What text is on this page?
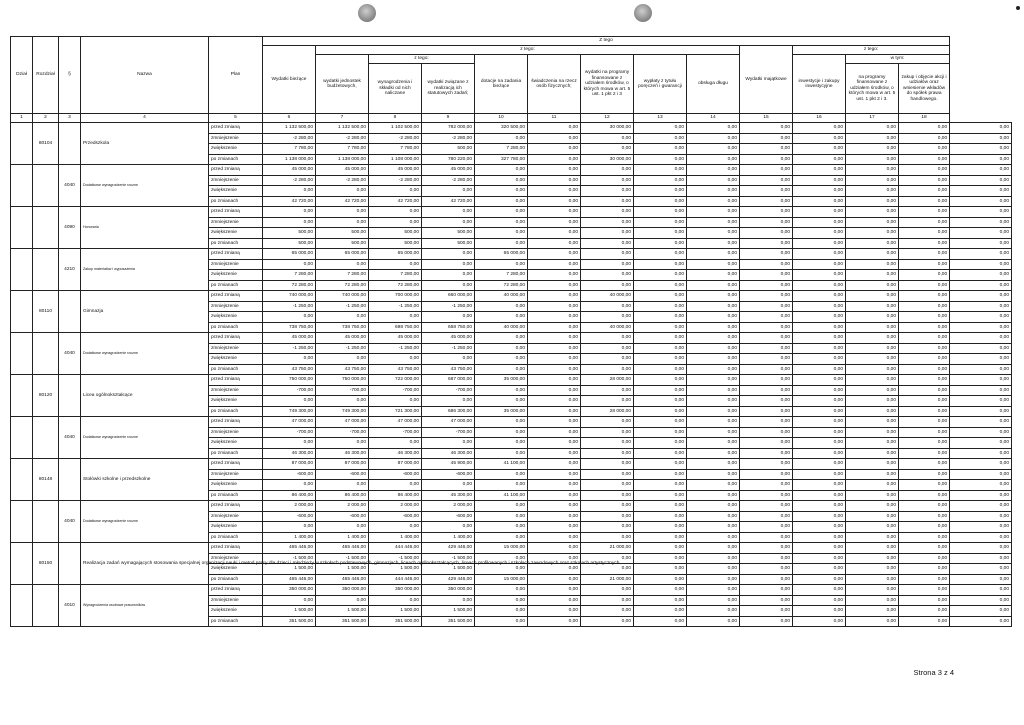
Dział	Rozdział	§	Nazwa	Plan	Z tego													
					Wydatki bieżące	z tego:								Wydatki majątkowe	z tego:			
						wydatki jednostek budżetowych,	z tego:		dotacje na zadania bieżące	świadczenia na rzecz osób fizycznych;	wydatki na programy finansowane z udziałem środków, o których mowa w art. 5 ust. 1 pkt 2 i 3	wypłaty z tytułu poręczeń i gwarancji	obsługa długu		inwestycje i zakupy inwestycyjne	w tym:		
							wynagrodzenia i składki od nich naliczane	wydatki związane z realizacją ich statutowych zadań;								na programy finansowane z udziałem środków, o których mowa w art. 5 ust. 1 pkt 2 i 3.	zakup i objęcie akcji i udziałów oraz wniesienie wkładów do spółek prawa handlowego.	

1	2	3	4	5	6	7	8	9	10	11	12	13	14	15	16	17	18	
	80104		Przedszkola	przed zmianą	1 132 500,00	1 132 500,00	1 102 500,00	782 000,00	320 500,00	0,00	30 000,00	0,00	0,00	0,00	0,00	0,00	0,00	0,00
				zmniejszenie	-2 280,00	-2 280,00	-2 280,00	-2 280,00	0,00	0,00	0,00	0,00	0,00	0,00	0,00	0,00	0,00	0,00
				zwiększenie	7 780,00	7 780,00	7 780,00	500,00	7 280,00	0,00	0,00	0,00	0,00	0,00	0,00	0,00	0,00	0,00
				po zmianach	1 138 000,00	1 138 000,00	1 108 000,00	780 220,00	327 780,00	0,00	30 000,00	0,00	0,00	0,00	0,00	0,00	0,00	0,00
		4040	Dodatkowe wynagrodzenie roczne	przed zmianą	45 000,00	45 000,00	45 000,00	45 000,00	0,00	0,00	0,00	0,00	0,00	0,00	0,00	0,00	0,00	0,00
				zmniejszenie	-2 280,00	-2 280,00	-2 280,00	-2 280,00	0,00	0,00	0,00	0,00	0,00	0,00	0,00	0,00	0,00	0,00
				zwiększenie	0,00	0,00	0,00	0,00	0,00	0,00	0,00	0,00	0,00	0,00	0,00	0,00	0,00	0,00
				po zmianach	42 720,00	42 720,00	42 720,00	42 720,00	0,00	0,00	0,00	0,00	0,00	0,00	0,00	0,00	0,00	0,00
		4090	Honoraria	przed zmianą	0,00	0,00	0,00	0,00	0,00	0,00	0,00	0,00	0,00	0,00	0,00	0,00	0,00	0,00
				zmniejszenie	0,00	0,00	0,00	0,00	0,00	0,00	0,00	0,00	0,00	0,00	0,00	0,00	0,00	0,00
				zwiększenie	500,00	500,00	500,00	500,00	0,00	0,00	0,00	0,00	0,00	0,00	0,00	0,00	0,00	0,00
				po zmianach	500,00	500,00	500,00	500,00	0,00	0,00	0,00	0,00	0,00	0,00	0,00	0,00	0,00	0,00
		4210	Zakup materiałów i wyposażenia	przed zmianą	65 000,00	65 000,00	65 000,00	0,00	65 000,00	0,00	0,00	0,00	0,00	0,00	0,00	0,00	0,00	0,00
				zmniejszenie	0,00	0,00	0,00	0,00	0,00	0,00	0,00	0,00	0,00	0,00	0,00	0,00	0,00	0,00
				zwiększenie	7 280,00	7 280,00	7 280,00	0,00	7 280,00	0,00	0,00	0,00	0,00	0,00	0,00	0,00	0,00	0,00
				po zmianach	72 280,00	72 280,00	72 280,00	0,00	72 280,00	0,00	0,00	0,00	0,00	0,00	0,00	0,00	0,00	0,00
	80110		Gimnazja	przed zmianą	740 000,00	740 000,00	700 000,00	660 000,00	40 000,00	0,00	40 000,00	0,00	0,00	0,00	0,00	0,00	0,00	0,00
				zmniejszenie	-1 250,00	-1 250,00	-1 250,00	-1 250,00	0,00	0,00	0,00	0,00	0,00	0,00	0,00	0,00	0,00	0,00
				zwiększenie	0,00	0,00	0,00	0,00	0,00	0,00	0,00	0,00	0,00	0,00	0,00	0,00	0,00	0,00
				po zmianach	738 750,00	738 750,00	698 750,00	658 750,00	40 000,00	0,00	40 000,00	0,00	0,00	0,00	0,00	0,00	0,00	0,00
		4040	Dodatkowe wynagrodzenie roczne	przed zmianą	45 000,00	45 000,00	45 000,00	45 000,00	0,00	0,00	0,00	0,00	0,00	0,00	0,00	0,00	0,00	0,00
				zmniejszenie	-1 250,00	-1 250,00	-1 250,00	-1 250,00	0,00	0,00	0,00	0,00	0,00	0,00	0,00	0,00	0,00	0,00
				zwiększenie	0,00	0,00	0,00	0,00	0,00	0,00	0,00	0,00	0,00	0,00	0,00	0,00	0,00	0,00
				po zmianach	43 750,00	43 750,00	43 750,00	43 750,00	0,00	0,00	0,00	0,00	0,00	0,00	0,00	0,00	0,00	0,00
	80120		Licea ogólnokształcące	przed zmianą	750 000,00	750 000,00	722 000,00	687 000,00	35 000,00	0,00	28 000,00	0,00	0,00	0,00	0,00	0,00	0,00	0,00
				zmniejszenie	-700,00	-700,00	-700,00	-700,00	0,00	0,00	0,00	0,00	0,00	0,00	0,00	0,00	0,00	0,00
				zwiększenie	0,00	0,00	0,00	0,00	0,00	0,00	0,00	0,00	0,00	0,00	0,00	0,00	0,00	0,00
				po zmianach	749 300,00	749 300,00	721 300,00	686 300,00	35 000,00	0,00	28 000,00	0,00	0,00	0,00	0,00	0,00	0,00	0,00
		4040	Dodatkowe wynagrodzenie roczne	przed zmianą	47 000,00	47 000,00	47 000,00	47 000,00	0,00	0,00	0,00	0,00	0,00	0,00	0,00	0,00	0,00	0,00
				zmniejszenie	-700,00	-700,00	-700,00	-700,00	0,00	0,00	0,00	0,00	0,00	0,00	0,00	0,00	0,00	0,00
				zwiększenie	0,00	0,00	0,00	0,00	0,00	0,00	0,00	0,00	0,00	0,00	0,00	0,00	0,00	0,00
				po zmianach	46 300,00	46 300,00	46 300,00	46 300,00	0,00	0,00	0,00	0,00	0,00	0,00	0,00	0,00	0,00	0,00
	80148		Stołówki szkolne i przedszkolne	przed zmianą	87 000,00	87 000,00	87 000,00	45 900,00	41 100,00	0,00	0,00	0,00	0,00	0,00	0,00	0,00	0,00	0,00
				zmniejszenie	-600,00	-600,00	-600,00	-600,00	0,00	0,00	0,00	0,00	0,00	0,00	0,00	0,00	0,00	0,00
				zwiększenie	0,00	0,00	0,00	0,00	0,00	0,00	0,00	0,00	0,00	0,00	0,00	0,00	0,00	0,00
				po zmianach	86 400,00	86 400,00	86 400,00	45 300,00	41 100,00	0,00	0,00	0,00	0,00	0,00	0,00	0,00	0,00	0,00
		4040	Dodatkowe wynagrodzenie roczne	przed zmianą	2 000,00	2 000,00	2 000,00	2 000,00	0,00	0,00	0,00	0,00	0,00	0,00	0,00	0,00	0,00	0,00
				zmniejszenie	-600,00	-600,00	-600,00	-600,00	0,00	0,00	0,00	0,00	0,00	0,00	0,00	0,00	0,00	0,00
				zwiększenie	0,00	0,00	0,00	0,00	0,00	0,00	0,00	0,00	0,00	0,00	0,00	0,00	0,00	0,00
				po zmianach	1 400,00	1 400,00	1 400,00	1 400,00	0,00	0,00	0,00	0,00	0,00	0,00	0,00	0,00	0,00	0,00
	80150		Realizacja zadań wymagających stosowania specjalnej organizacji nauki i metod pracy dla dzieci i młodzieży w szkołach podstawowych, gimnazjach, liceach ogólnokształcących, liceach profilowanych i szkołach zawodowych oraz szkołach artystycznych	przed zmianą	465 446,00	465 446,00	444 446,00	429 446,00	15 000,00	0,00	21 000,00	0,00	0,00	0,00	0,00	0,00	0,00	0,00
				zmniejszenie	-1 500,00	-1 500,00	-1 500,00	-1 500,00	0,00	0,00	0,00	0,00	0,00	0,00	0,00	0,00	0,00	0,00
				zwiększenie	1 500,00	1 500,00	1 500,00	1 500,00	0,00	0,00	0,00	0,00	0,00	0,00	0,00	0,00	0,00	0,00
				po zmianach	465 446,00	465 446,00	444 446,00	429 446,00	15 000,00	0,00	21 000,00	0,00	0,00	0,00	0,00	0,00	0,00	0,00
		4010	Wynagrodzenia osobowe pracowników	przed zmianą	350 000,00	350 000,00	350 000,00	350 000,00	0,00	0,00	0,00	0,00	0,00	0,00	0,00	0,00	0,00	0,00
				zmniejszenie	0,00	0,00	0,00	0,00	0,00	0,00	0,00	0,00	0,00	0,00	0,00	0,00	0,00	0,00
				zwiększenie	1 500,00	1 500,00	1 500,00	1 500,00	0,00	0,00	0,00	0,00	0,00	0,00	0,00	0,00	0,00	0,00
				po zmianach	351 500,00	351 500,00	351 500,00	351 500,00	0,00	0,00	0,00	0,00	0,00	0,00	0,00	0,00	0,00	0,00
Strona 3 z 4
